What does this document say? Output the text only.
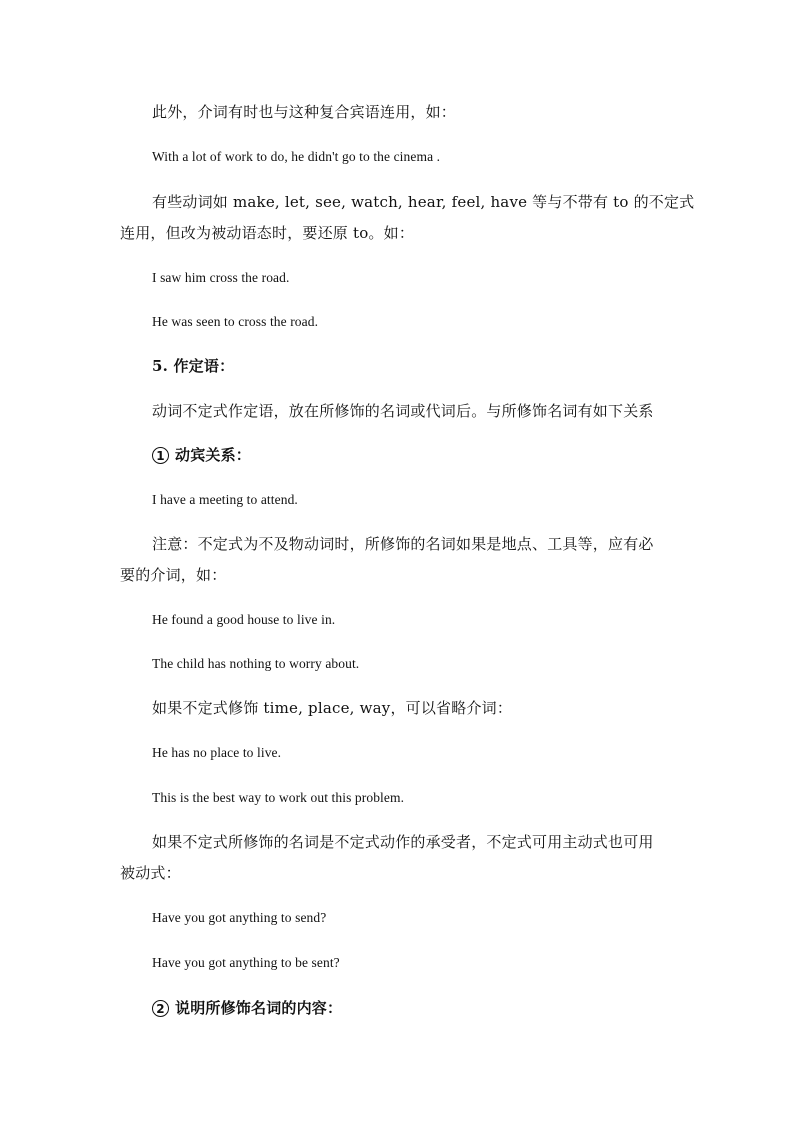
此外，介词有时也与这种复合宾语连用，如：
With a lot of work to do, he didn't go to the cinema .
有些动词如 make, let, see, watch, hear, feel, have 等与不带有 to 的不定式
连用，但改为被动语态时，要还原 to。如：
I saw him cross the road.
He was seen to cross the road.
5. 作定语：
动词不定式作定语，放在所修饰的名词或代词后。与所修饰名词有如下关系
1 动宾关系：
I have a meeting to attend.
注意：不定式为不及物动词时，所修饰的名词如果是地点、工具等，应有必
要的介词，如：
He found a good house to live in.
The child has nothing to worry about.
如果不定式修饰 time, place, way，可以省略介词：
He has no place to live.
This is the best way to work out this problem.
如果不定式所修饰的名词是不定式动作的承受者，不定式可用主动式也可用
被动式：
Have you got anything to send?
Have you got anything to be sent?
2 说明所修饰名词的内容：
